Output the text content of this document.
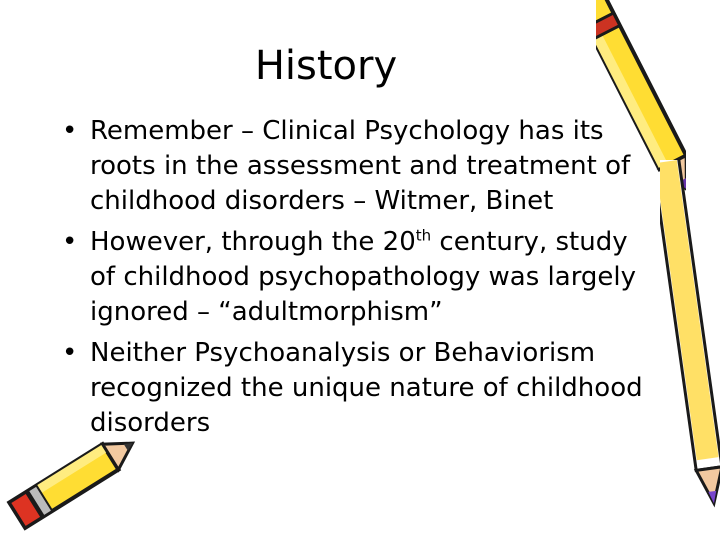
History
• Remember – Clinical Psychology has its roots in the assessment and treatment of childhood disorders – Witmer, Binet
• However, through the 20th century, study of childhood psychopathology was largely ignored – “adultmorphism”
• Neither Psychoanalysis or Behaviorism recognized the unique nature of childhood disorders
